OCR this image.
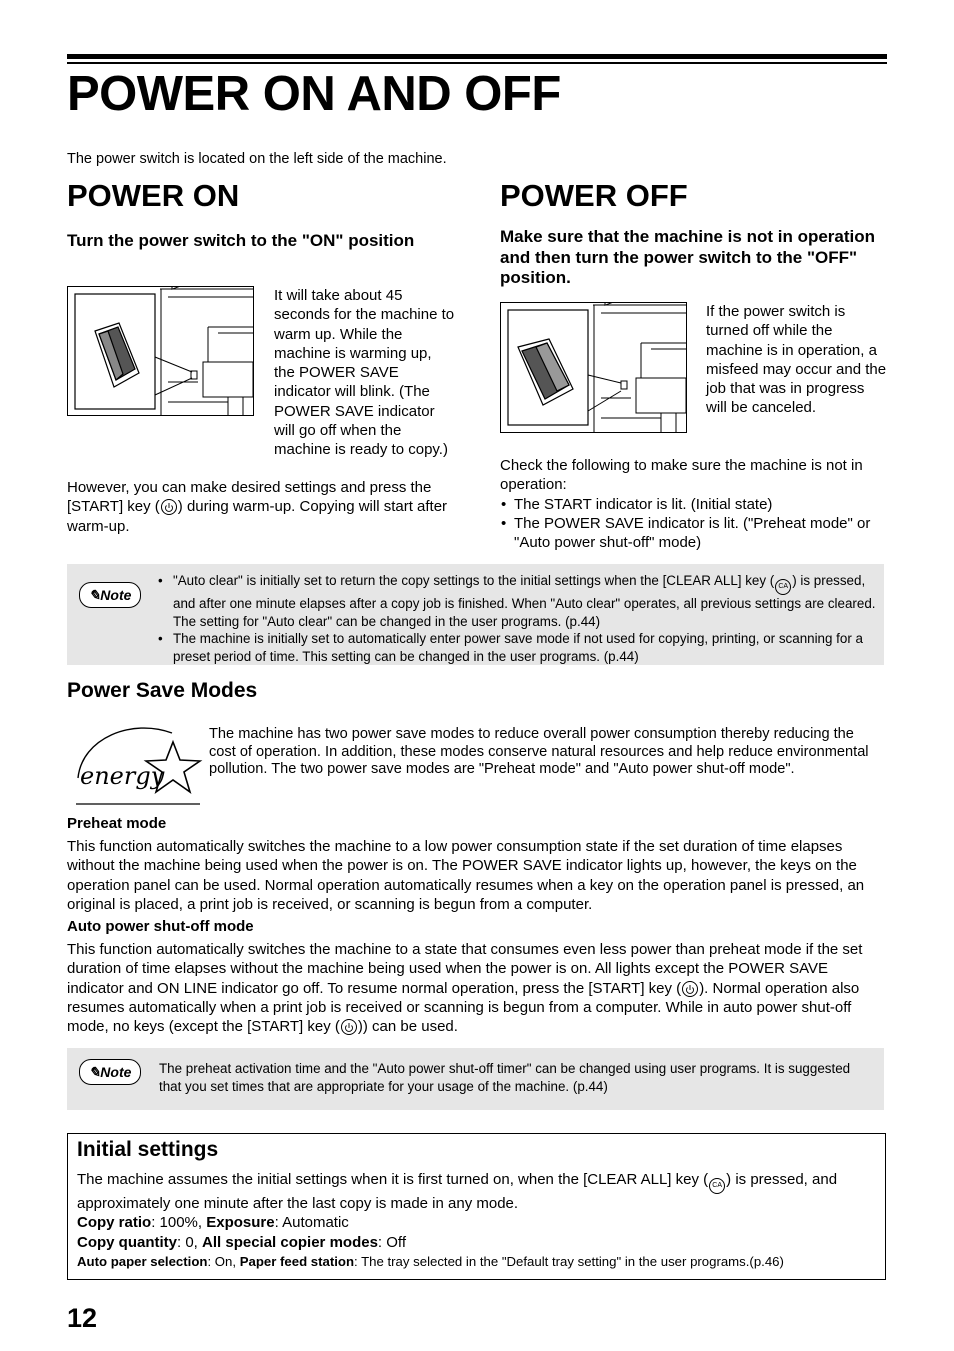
POWER ON AND OFF
The power switch is located on the left side of the machine.
POWER ON
Turn the power switch to the "ON" position
It will take about 45 seconds for the machine to warm up. While the machine is warming up, the POWER SAVE indicator will blink. (The POWER SAVE indicator will go off when the machine is ready to copy.)
However, you can make desired settings and press the [START] key ( ) during warm-up. Copying will start after warm-up.
POWER OFF
Make sure that the machine is not in operation and then turn the power switch to the "OFF" position.
If the power switch is turned off while the machine is in operation, a misfeed may occur and the job that was in progress will be canceled.
Check the following to make sure the machine is not in operation:
• The START indicator is lit. (Initial state)
• The POWER SAVE indicator is lit. ("Preheat mode" or "Auto power shut-off" mode)
✎Note
• "Auto clear" is initially set to return the copy settings to the initial settings when the [CLEAR ALL] key ( CA ) is pressed, and after one minute elapses after a copy job is finished. When "Auto clear" operates, all previous settings are cleared. The setting for "Auto clear" can be changed in the user programs. (p.44)
• The machine is initially set to automatically enter power save mode if not used for copying, printing, or scanning for a preset period of time. This setting can be changed in the user programs. (p.44)
Power Save Modes
energy
The machine has two power save modes to reduce overall power consumption thereby reducing the cost of operation. In addition, these modes conserve natural resources and help reduce environmental pollution. The two power save modes are "Preheat mode" and "Auto power shut-off mode".
Preheat mode
This function automatically switches the machine to a low power consumption state if the set duration of time elapses without the machine being used when the power is on. The POWER SAVE indicator lights up, however, the keys on the operation panel can be used. Normal operation automatically resumes when a key on the operation panel is pressed, an original is placed, a print job is received, or scanning is begun from a computer.
Auto power shut-off mode
This function automatically switches the machine to a state that consumes even less power than preheat mode if the set duration of time elapses without the machine being used when the power is on. All lights except the POWER SAVE indicator and ON LINE indicator go off. To resume normal operation, press the [START] key ( ). Normal operation also resumes automatically when a print job is received or scanning is begun from a computer. While in auto power shut-off mode, no keys (except the [START] key ( )) can be used.
✎Note	The preheat activation time and the "Auto power shut-off timer" can be changed using user programs. It is suggested that you set times that are appropriate for your usage of the machine. (p.44)
Initial settings
The machine assumes the initial settings when it is first turned on, when the [CLEAR ALL] key ( CA ) is pressed, and approximately one minute after the last copy is made in any mode.
Copy ratio: 100%, Exposure: Automatic
Copy quantity: 0, All special copier modes: Off
Auto paper selection: On, Paper feed station: The tray selected in the "Default tray setting" in the user programs.(p.46)
12
